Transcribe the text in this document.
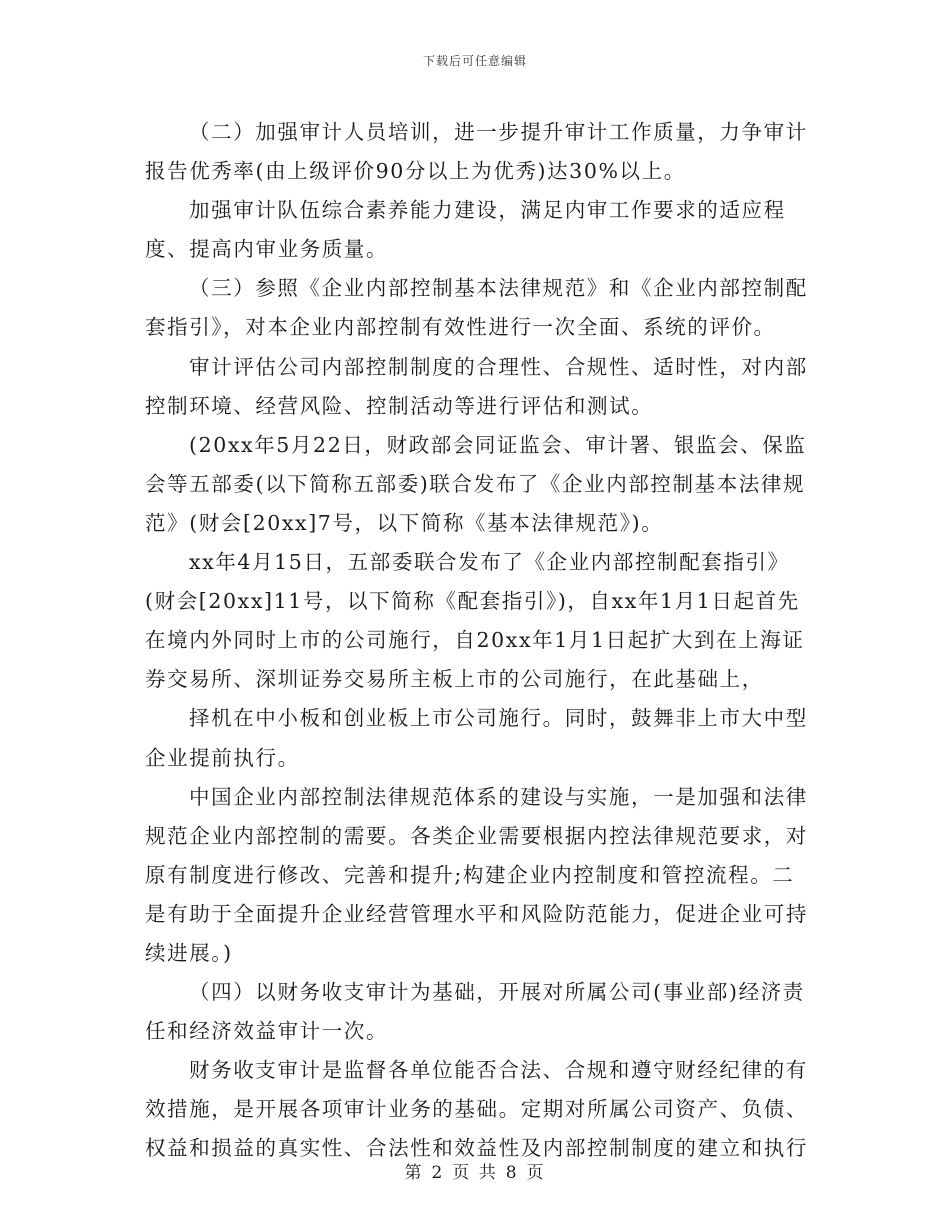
下载后可任意编辑

（二）加强审计人员培训，进一步提升审计工作质量，力争审计报告优秀率(由上级评价90分以上为优秀)达30%以上。

加强审计队伍综合素养能力建设，满足内审工作要求的适应程度、提高内审业务质量。

（三）参照《企业内部控制基本法律规范》和《企业内部控制配套指引》，对本企业内部控制有效性进行一次全面、系统的评价。

审计评估公司内部控制制度的合理性、合规性、适时性，对内部控制环境、经营风险、控制活动等进行评估和测试。

(20xx年5月22日，财政部会同证监会、审计署、银监会、保监会等五部委(以下简称五部委)联合发布了《企业内部控制基本法律规范》(财会[20xx]7号，以下简称《基本法律规范》)。

xx年4月15日，五部委联合发布了《企业内部控制配套指引》

(财会[20xx]11号，以下简称《配套指引》)，自xx年1月1日起首先在境内外同时上市的公司施行，自20xx年1月1日起扩大到在上海证券交易所、深圳证券交易所主板上市的公司施行，在此基础上，

择机在中小板和创业板上市公司施行。同时，鼓舞非上市大中型企业提前执行。

中国企业内部控制法律规范体系的建设与实施，一是加强和法律规范企业内部控制的需要。各类企业需要根据内控法律规范要求，对原有制度进行修改、完善和提升;构建企业内控制度和管控流程。二是有助于全面提升企业经营管理水平和风险防范能力，促进企业可持续进展。)

（四）以财务收支审计为基础，开展对所属公司(事业部)经济责任和经济效益审计一次。

财务收支审计是监督各单位能否合法、合规和遵守财经纪律的有效措施，是开展各项审计业务的基础。定期对所属公司资产、负债、权益和损益的真实性、合法性和效益性及内部控制制度的建立和执行

第 2 页 共 8 页
